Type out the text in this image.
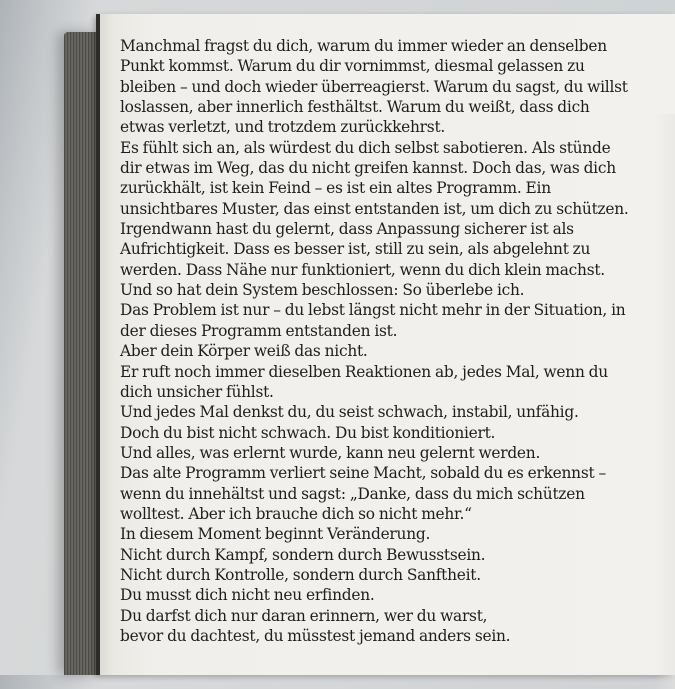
Manchmal fragst du dich, warum du immer wieder an denselben
Punkt kommst. Warum du dir vornimmst, diesmal gelassen zu
bleiben – und doch wieder überreagierst. Warum du sagst, du willst
loslassen, aber innerlich festhältst. Warum du weißt, dass dich
etwas verletzt, und trotzdem zurückkehrst.
Es fühlt sich an, als würdest du dich selbst sabotieren. Als stünde
dir etwas im Weg, das du nicht greifen kannst. Doch das, was dich
zurückhält, ist kein Feind – es ist ein altes Programm. Ein
unsichtbares Muster, das einst entstanden ist, um dich zu schützen.
Irgendwann hast du gelernt, dass Anpassung sicherer ist als
Aufrichtigkeit. Dass es besser ist, still zu sein, als abgelehnt zu
werden. Dass Nähe nur funktioniert, wenn du dich klein machst.
Und so hat dein System beschlossen: So überlebe ich.
Das Problem ist nur – du lebst längst nicht mehr in der Situation, in
der dieses Programm entstanden ist.
Aber dein Körper weiß das nicht.
Er ruft noch immer dieselben Reaktionen ab, jedes Mal, wenn du
dich unsicher fühlst.
Und jedes Mal denkst du, du seist schwach, instabil, unfähig.
Doch du bist nicht schwach. Du bist konditioniert.
Und alles, was erlernt wurde, kann neu gelernt werden.
Das alte Programm verliert seine Macht, sobald du es erkennst –
wenn du innehältst und sagst: „Danke, dass du mich schützen
wolltest. Aber ich brauche dich so nicht mehr.“
In diesem Moment beginnt Veränderung.
Nicht durch Kampf, sondern durch Bewusstsein.
Nicht durch Kontrolle, sondern durch Sanftheit.
Du musst dich nicht neu erfinden.
Du darfst dich nur daran erinnern, wer du warst,
bevor du dachtest, du müsstest jemand anders sein.
